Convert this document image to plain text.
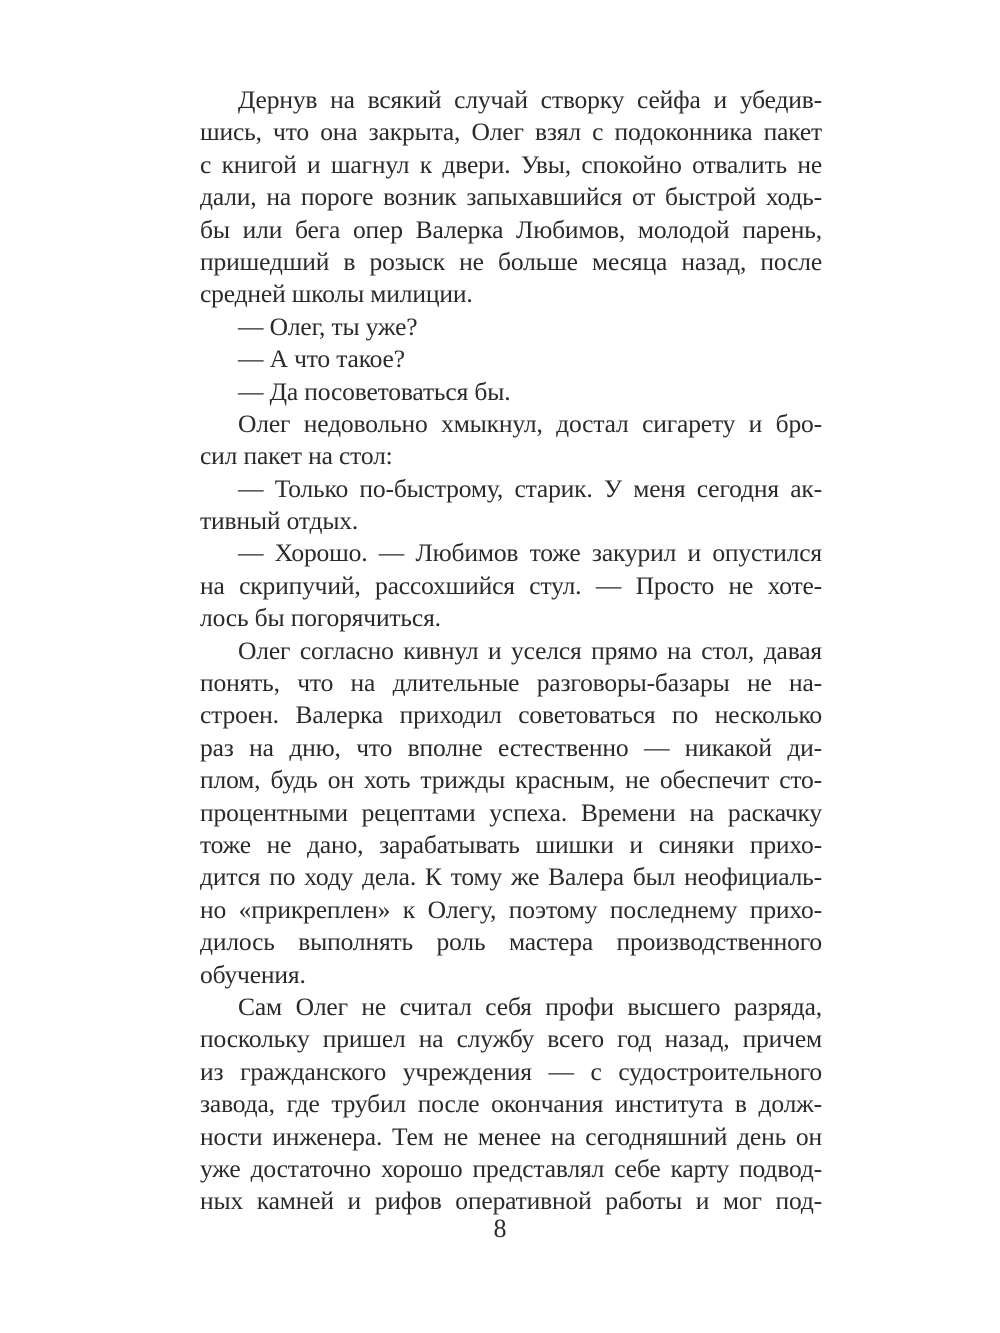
Дернув на всякий случай створку сейфа и убедив-
шись, что она закрыта, Олег взял с подоконника пакет
с книгой и шагнул к двери. Увы, спокойно отвалить не
дали, на пороге возник запыхавшийся от быстрой ходь-
бы или бега опер Валерка Любимов, молодой парень,
пришедший в розыск не больше месяца назад, после
средней школы милиции.
— Олег, ты уже?
— А что такое?
— Да посоветоваться бы.
Олег недовольно хмыкнул, достал сигарету и бро-
сил пакет на стол:
— Только по-быстрому, старик. У меня сегодня ак-
тивный отдых.
— Хорошо. — Любимов тоже закурил и опустился
на скрипучий, рассохшийся стул. — Просто не хоте-
лось бы погорячиться.
Олег согласно кивнул и уселся прямо на стол, давая
понять, что на длительные разговоры-базары не на-
строен. Валерка приходил советоваться по несколько
раз на дню, что вполне естественно — никакой ди-
плом, будь он хоть трижды красным, не обеспечит сто-
процентными рецептами успеха. Времени на раскачку
тоже не дано, зарабатывать шишки и синяки прихо-
дится по ходу дела. К тому же Валера был неофициаль-
но «прикреплен» к Олегу, поэтому последнему прихо-
дилось выполнять роль мастера производственного
обучения.
Сам Олег не считал себя профи высшего разряда,
поскольку пришел на службу всего год назад, причем
из гражданского учреждения — с судостроительного
завода, где трубил после окончания института в долж-
ности инженера. Тем не менее на сегодняшний день он
уже достаточно хорошо представлял себе карту подвод-
ных камней и рифов оперативной работы и мог под-
8
